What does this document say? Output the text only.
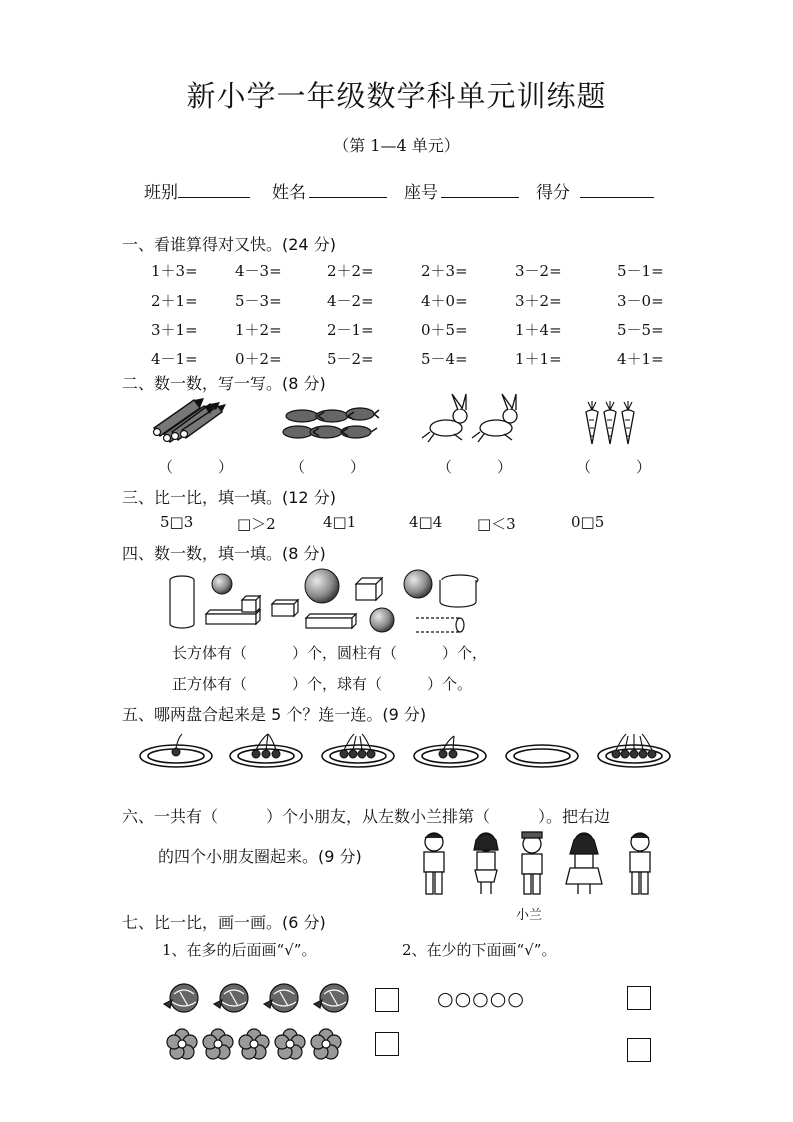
新小学一年级数学科单元训练题
（第 1—4 单元）
班别	姓名	座号	得分
一、看谁算得对又快。(24 分)
1＋3= 4－3=	2＋2=	2＋3=	3－2=	5－1=
2＋1= 5－3=	4－2=	4＋0=	3＋2=	3－0=
3＋1= 1＋2=	2－1=	0＋5=	1＋4=	5－5=
4－1= 0＋2=	5－2=	5－4=	1＋1=	4＋1=
二、数一数，写一写。(8 分)
（　　　）	（　　　）	（　　　）	（　　　）
三、比一比，填一填。(12 分)
5□3	□＞2	4□1	4□4 □＜3	0□5
四、数一数，填一填。(8 分)
长方体有（　　　）个，圆柱有（　　　）个，
正方体有（　　　）个，球有（　　　）个。
五、哪两盘合起来是 5 个？连一连。(9 分)
六、一共有（　　　）个小朋友，从左数小兰排第（　　　）。把右边
的四个小朋友圈起来。(9 分)
小兰
七、比一比，画一画。(6 分)
1、在多的后面画“√”。	2、在少的下面画“√”。
○○○○○
